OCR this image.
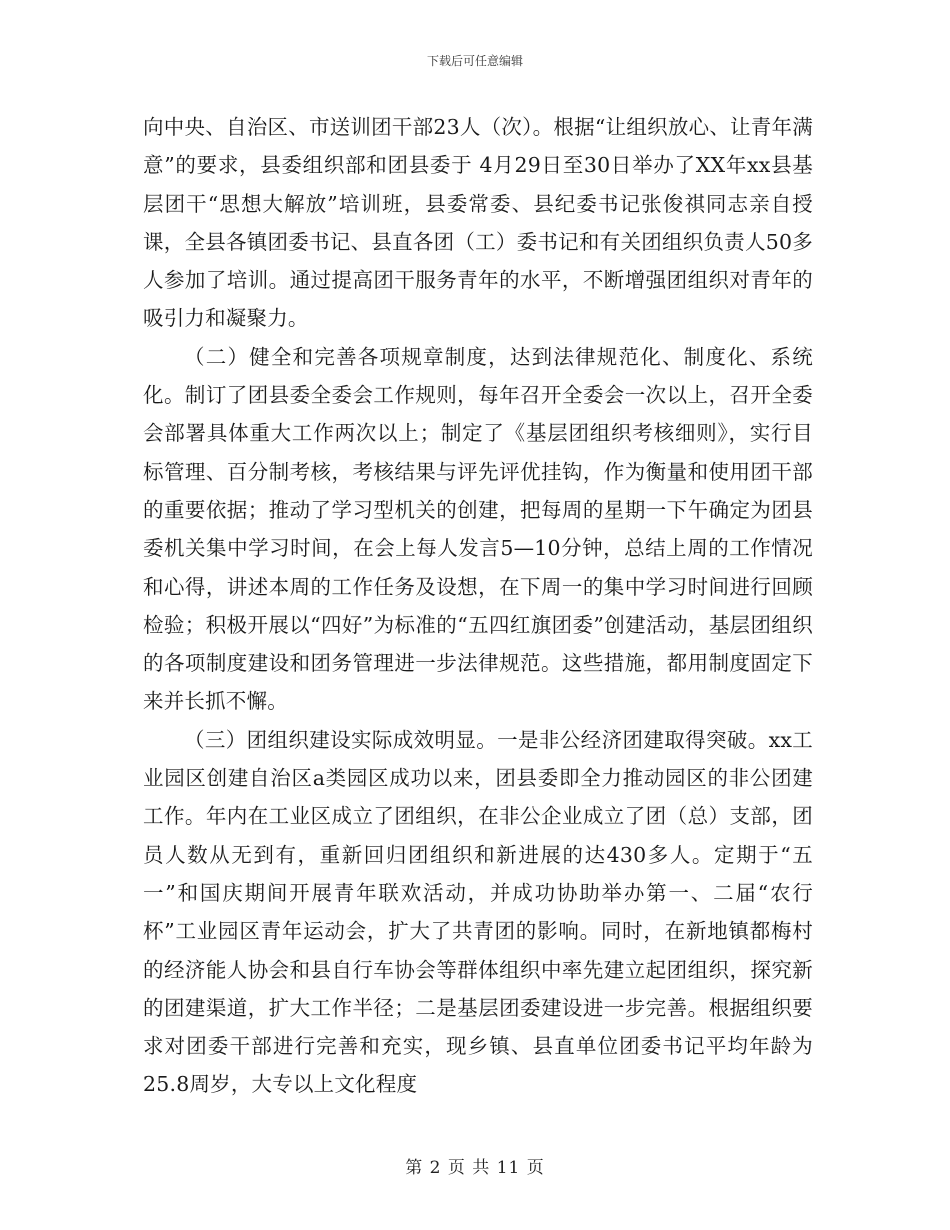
下载后可任意编辑

向中央、自治区、市送训团干部23人（次）。根据“让组织放心、让青年满意”的要求，县委组织部和团县委于 4月29日至30日举办了XX年xx县基层团干“思想大解放”培训班，县委常委、县纪委书记张俊祺同志亲自授课，全县各镇团委书记、县直各团（工）委书记和有关团组织负责人50多人参加了培训。通过提高团干服务青年的水平，不断增强团组织对青年的吸引力和凝聚力。

（二）健全和完善各项规章制度，达到法律规范化、制度化、系统化。制订了团县委全委会工作规则，每年召开全委会一次以上，召开全委会部署具体重大工作两次以上；制定了《基层团组织考核细则》，实行目标管理、百分制考核，考核结果与评先评优挂钩，作为衡量和使用团干部的重要依据；推动了学习型机关的创建，把每周的星期一下午确定为团县委机关集中学习时间，在会上每人发言5—10分钟，总结上周的工作情况和心得，讲述本周的工作任务及设想，在下周一的集中学习时间进行回顾检验；积极开展以“四好”为标准的“五四红旗团委”创建活动，基层团组织的各项制度建设和团务管理进一步法律规范。这些措施，都用制度固定下来并长抓不懈。

（三）团组织建设实际成效明显。一是非公经济团建取得突破。xx工业园区创建自治区a类园区成功以来，团县委即全力推动园区的非公团建工作。年内在工业区成立了团组织，在非公企业成立了团（总）支部，团员人数从无到有，重新回归团组织和新进展的达430多人。定期于“五一”和国庆期间开展青年联欢活动，并成功协助举办第一、二届“农行杯”工业园区青年运动会，扩大了共青团的影响。同时，在新地镇都梅村的经济能人协会和县自行车协会等群体组织中率先建立起团组织，探究新的团建渠道，扩大工作半径；二是基层团委建设进一步完善。根据组织要求对团委干部进行完善和充实，现乡镇、县直单位团委书记平均年龄为25.8周岁，大专以上文化程度

第 2 页 共 11 页
